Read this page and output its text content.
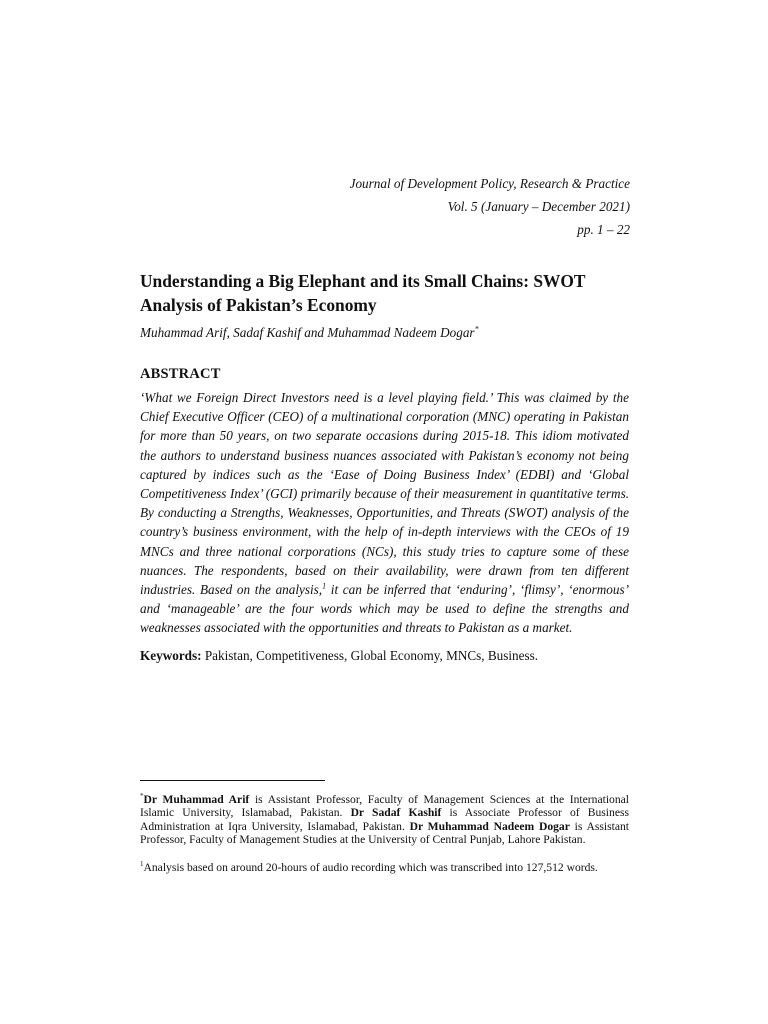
Journal of Development Policy, Research & Practice
Vol. 5 (January – December 2021)
pp. 1 – 22
Understanding a Big Elephant and its Small Chains: SWOT Analysis of Pakistan’s Economy
Muhammad Arif, Sadaf Kashif and Muhammad Nadeem Dogar*
ABSTRACT

‘What we Foreign Direct Investors need is a level playing field.’ This was claimed by the Chief Executive Officer (CEO) of a multinational corporation (MNC) operating in Pakistan for more than 50 years, on two separate occasions during 2015-18. This idiom motivated the authors to understand business nuances associated with Pakistan’s economy not being captured by indices such as the ‘Ease of Doing Business Index’ (EDBI) and ‘Global Competitiveness Index’ (GCI) primarily because of their measurement in quantitative terms. By conducting a Strengths, Weaknesses, Opportunities, and Threats (SWOT) analysis of the country’s business environment, with the help of in-depth interviews with the CEOs of 19 MNCs and three national corporations (NCs), this study tries to capture some of these nuances. The respondents, based on their availability, were drawn from ten different industries. Based on the analysis,$^1$ it can be inferred that ‘enduring’, ‘flimsy’, ‘enormous’ and ‘manageable’ are the four words which may be used to define the strengths and weaknesses associated with the opportunities and threats to Pakistan as a market.

Keywords: Pakistan, Competitiveness, Global Economy, MNCs, Business.

*Dr Muhammad Arif is Assistant Professor, Faculty of Management Sciences at the International Islamic University, Islamabad, Pakistan. Dr Sadaf Kashif is Associate Professor of Business Administration at Iqra University, Islamabad, Pakistan. Dr Muhammad Nadeem Dogar is Assistant Professor, Faculty of Management Studies at the University of Central Punjab, Lahore Pakistan.

$^1$Analysis based on around 20-hours of audio recording which was transcribed into 127,512 words.
